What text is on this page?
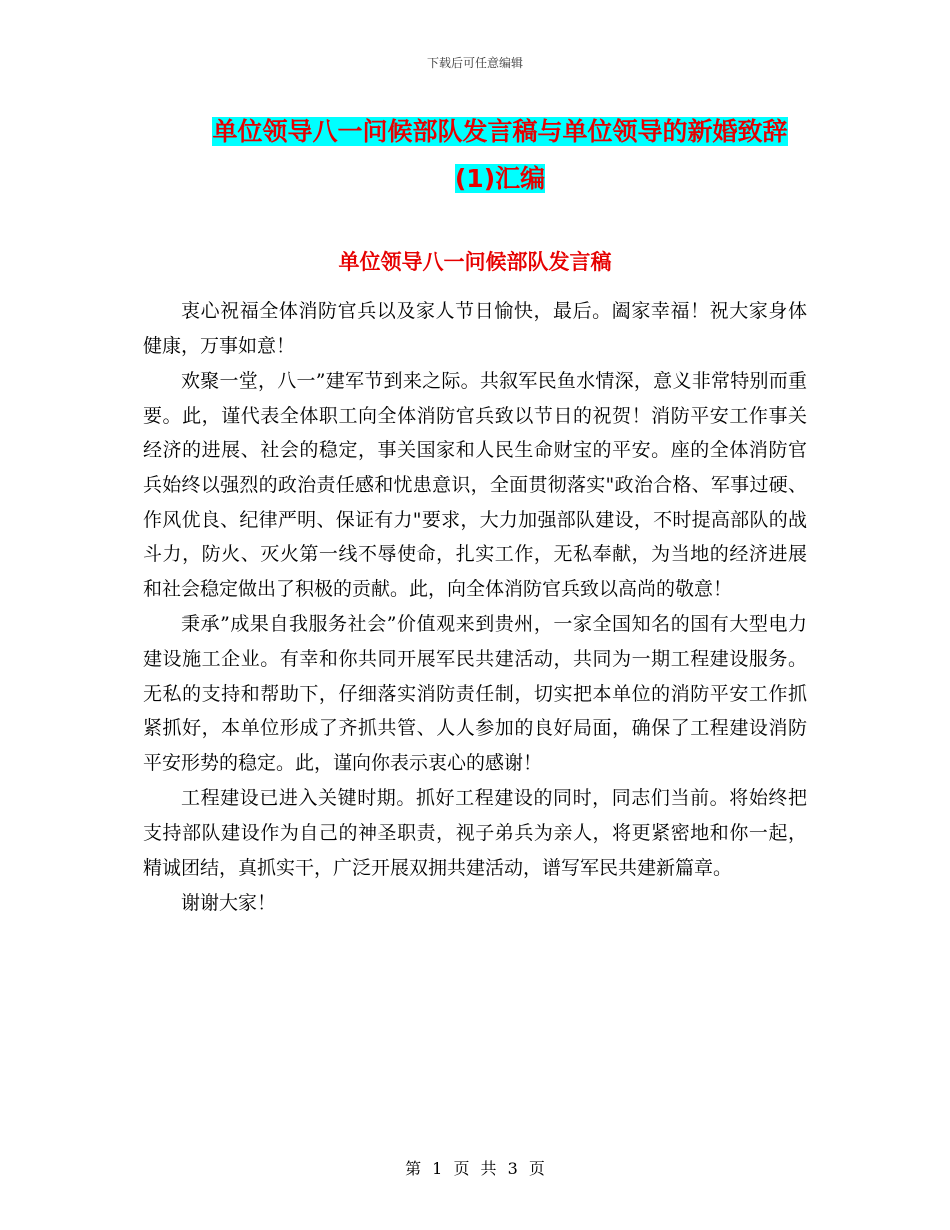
下载后可任意编辑
单位领导八一问候部队发言稿与单位领导的新婚致辞
(1)汇编
单位领导八一问候部队发言稿

衷心祝福全体消防官兵以及家人节日愉快，最后。阖家幸福！祝大家身体健康，万事如意！

欢聚一堂，八一”建军节到来之际。共叙军民鱼水情深，意义非常特别而重要。此，谨代表全体职工向全体消防官兵致以节日的祝贺！消防平安工作事关经济的进展、社会的稳定，事关国家和人民生命财宝的平安。座的全体消防官兵始终以强烈的政治责任感和忧患意识，全面贯彻落实"政治合格、军事过硬、作风优良、纪律严明、保证有力"要求，大力加强部队建设，不时提高部队的战斗力，防火、灭火第一线不辱使命，扎实工作，无私奉献，为当地的经济进展和社会稳定做出了积极的贡献。此，向全体消防官兵致以高尚的敬意！

秉承”成果自我服务社会”价值观来到贵州，一家全国知名的国有大型电力建设施工企业。有幸和你共同开展军民共建活动，共同为一期工程建设服务。无私的支持和帮助下，仔细落实消防责任制，切实把本单位的消防平安工作抓紧抓好，本单位形成了齐抓共管、人人参加的良好局面，确保了工程建设消防平安形势的稳定。此，谨向你表示衷心的感谢！

工程建设已进入关键时期。抓好工程建设的同时，同志们当前。将始终把支持部队建设作为自己的神圣职责，视子弟兵为亲人，将更紧密地和你一起，精诚团结，真抓实干，广泛开展双拥共建活动，谱写军民共建新篇章。

谢谢大家！

第 1 页 共 3 页
